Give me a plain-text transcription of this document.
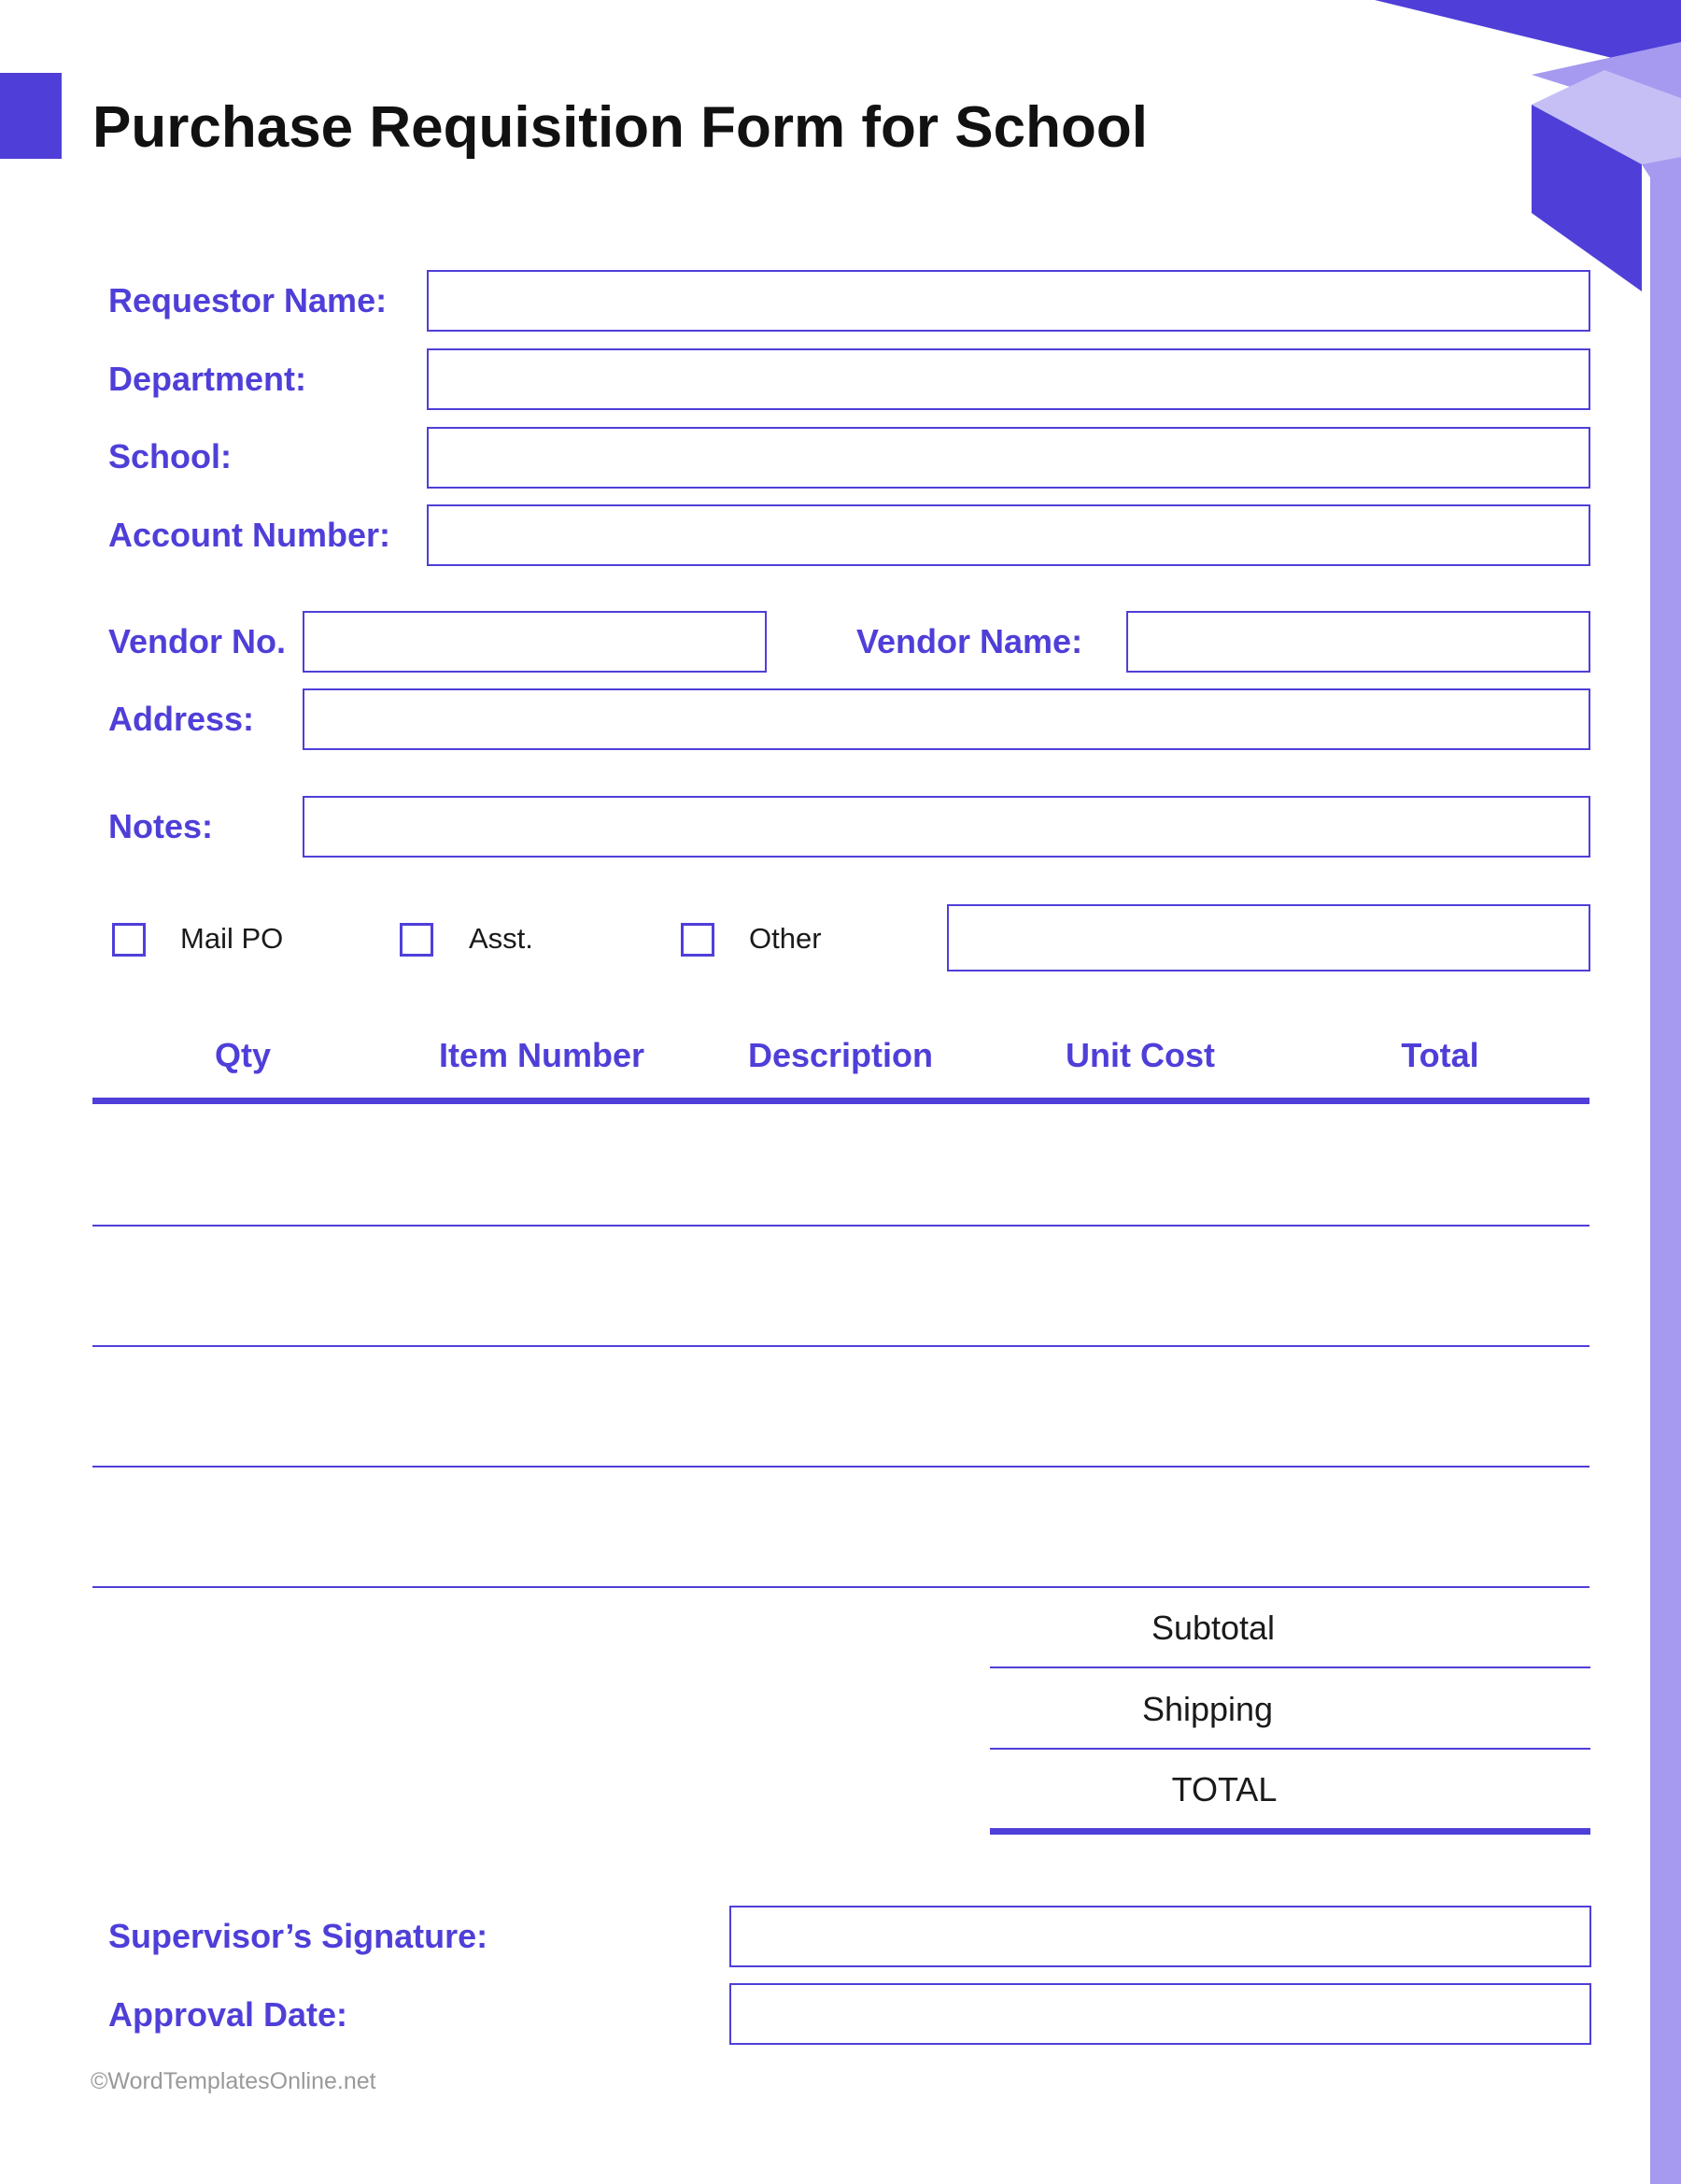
Purchase Requisition Form for School
Requestor Name:
Department:
School:
Account Number:
Vendor No.	Vendor Name:
Address:
Notes:
Mail PO	Asst.	Other
Qty	Item Number	Description	Unit Cost	Total
Subtotal
Shipping
TOTAL
Supervisor’s Signature:
Approval Date:
©WordTemplatesOnline.net
